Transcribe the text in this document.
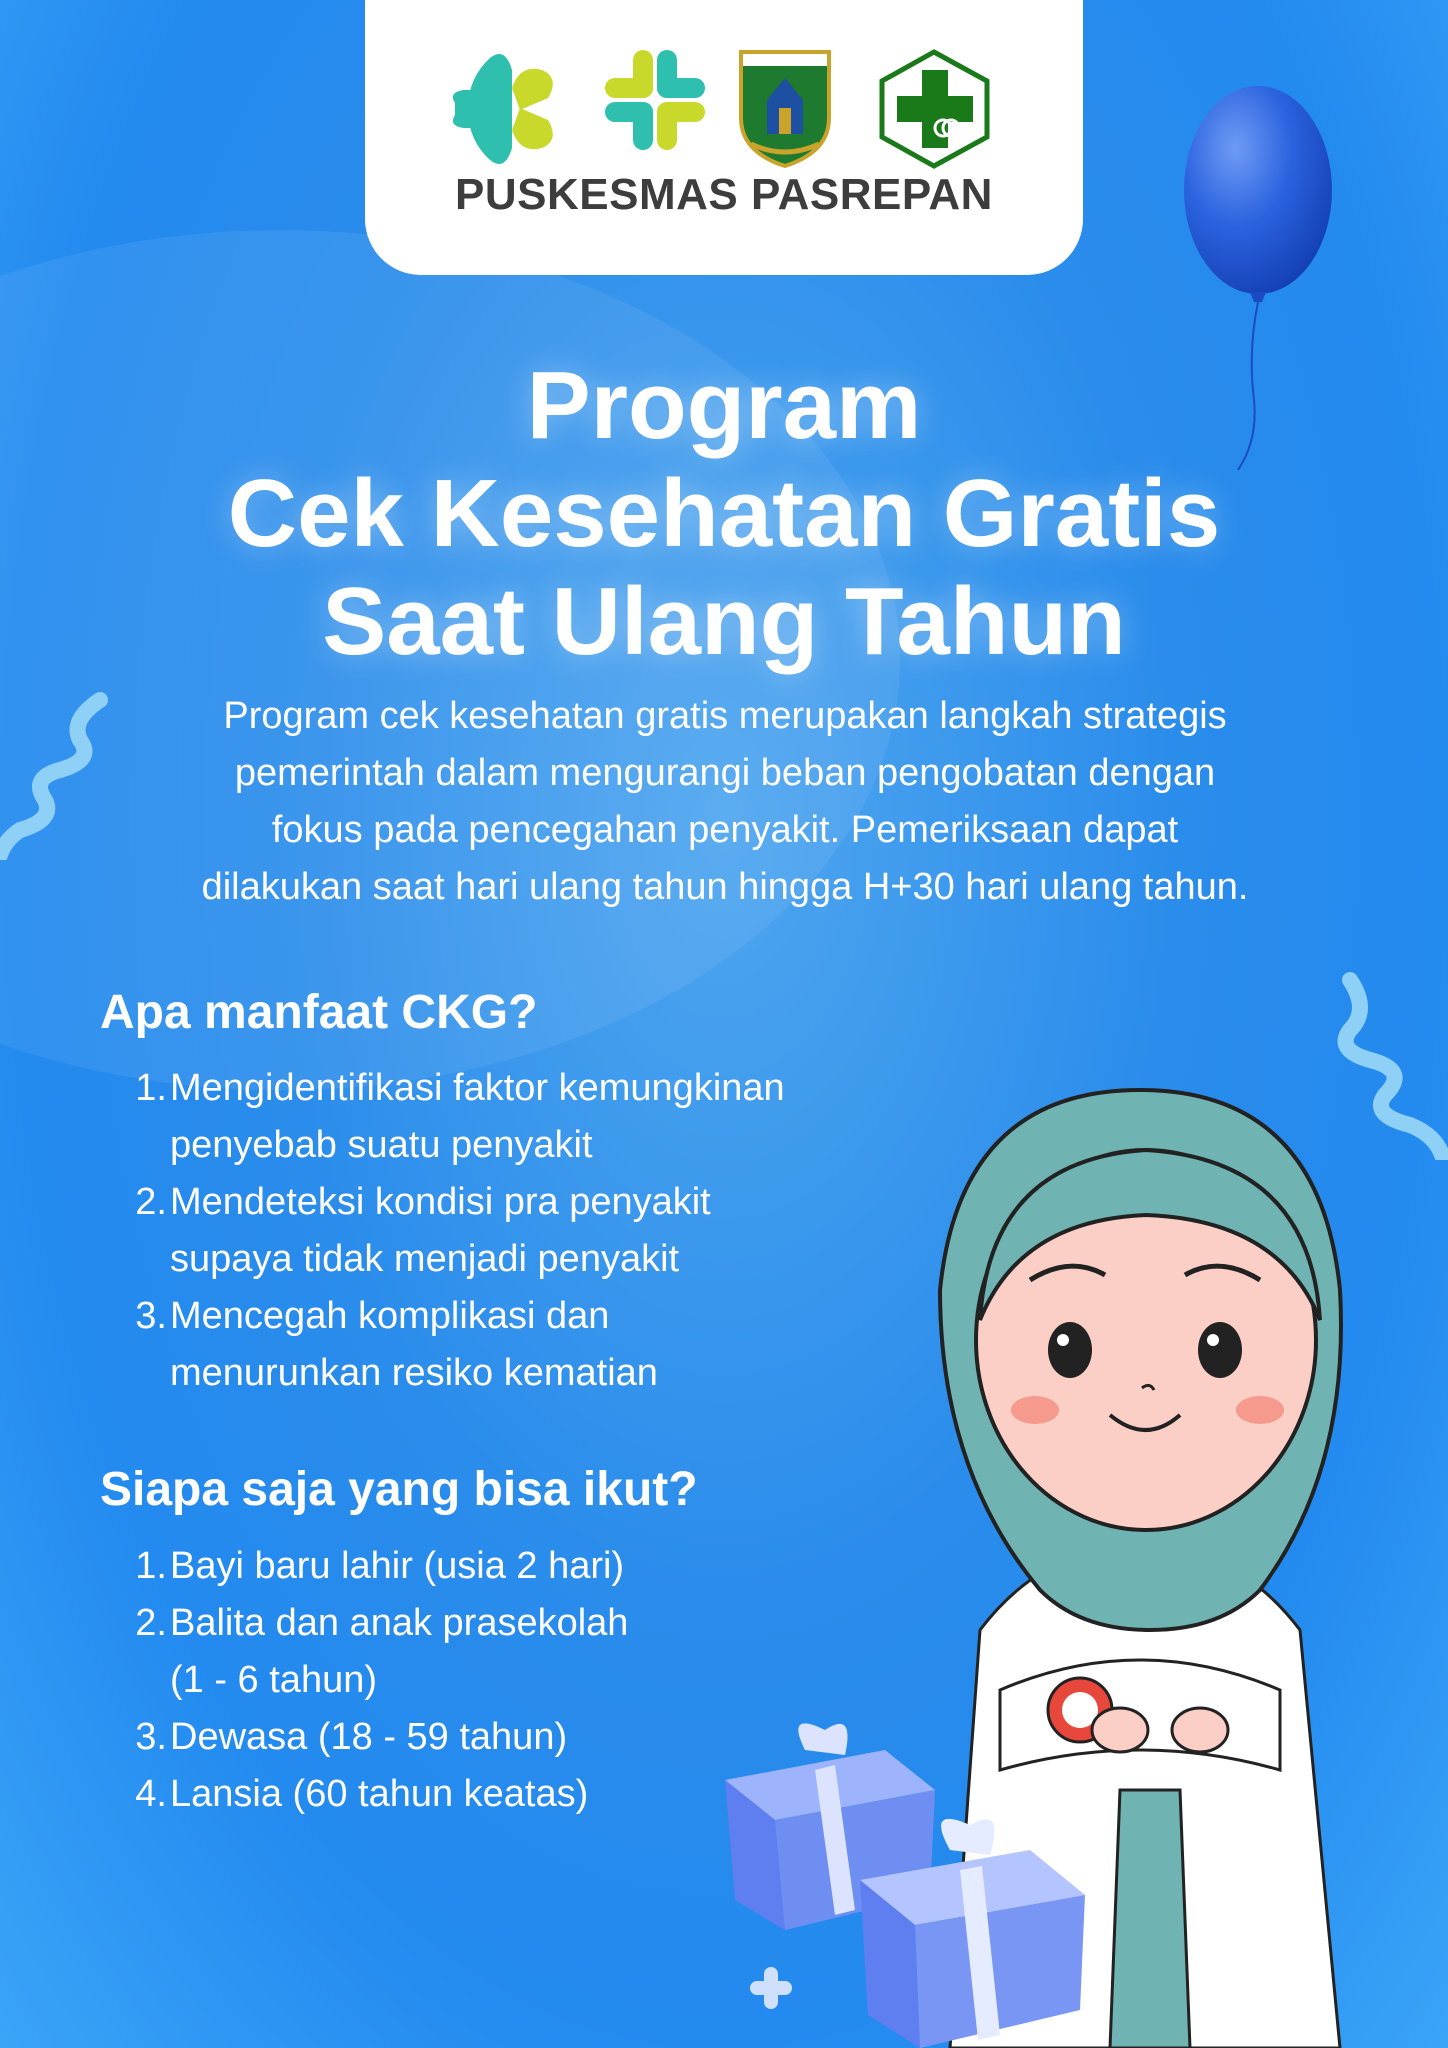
PUSKESMAS PASREPAN
Program
Cek Kesehatan Gratis
Saat Ulang Tahun
Program cek kesehatan gratis merupakan langkah strategis
pemerintah dalam mengurangi beban pengobatan dengan
fokus pada pencegahan penyakit. Pemeriksaan dapat
dilakukan saat hari ulang tahun hingga H+30 hari ulang tahun.
Apa manfaat CKG?
1. Mengidentifikasi faktor kemungkinan
penyebab suatu penyakit
2. Mendeteksi kondisi pra penyakit
supaya tidak menjadi penyakit
3. Mencegah komplikasi dan
menurunkan resiko kematian
Siapa saja yang bisa ikut?
1. Bayi baru lahir (usia 2 hari)
2. Balita dan anak prasekolah
(1 - 6 tahun)
3. Dewasa (18 - 59 tahun)
4. Lansia (60 tahun keatas)
